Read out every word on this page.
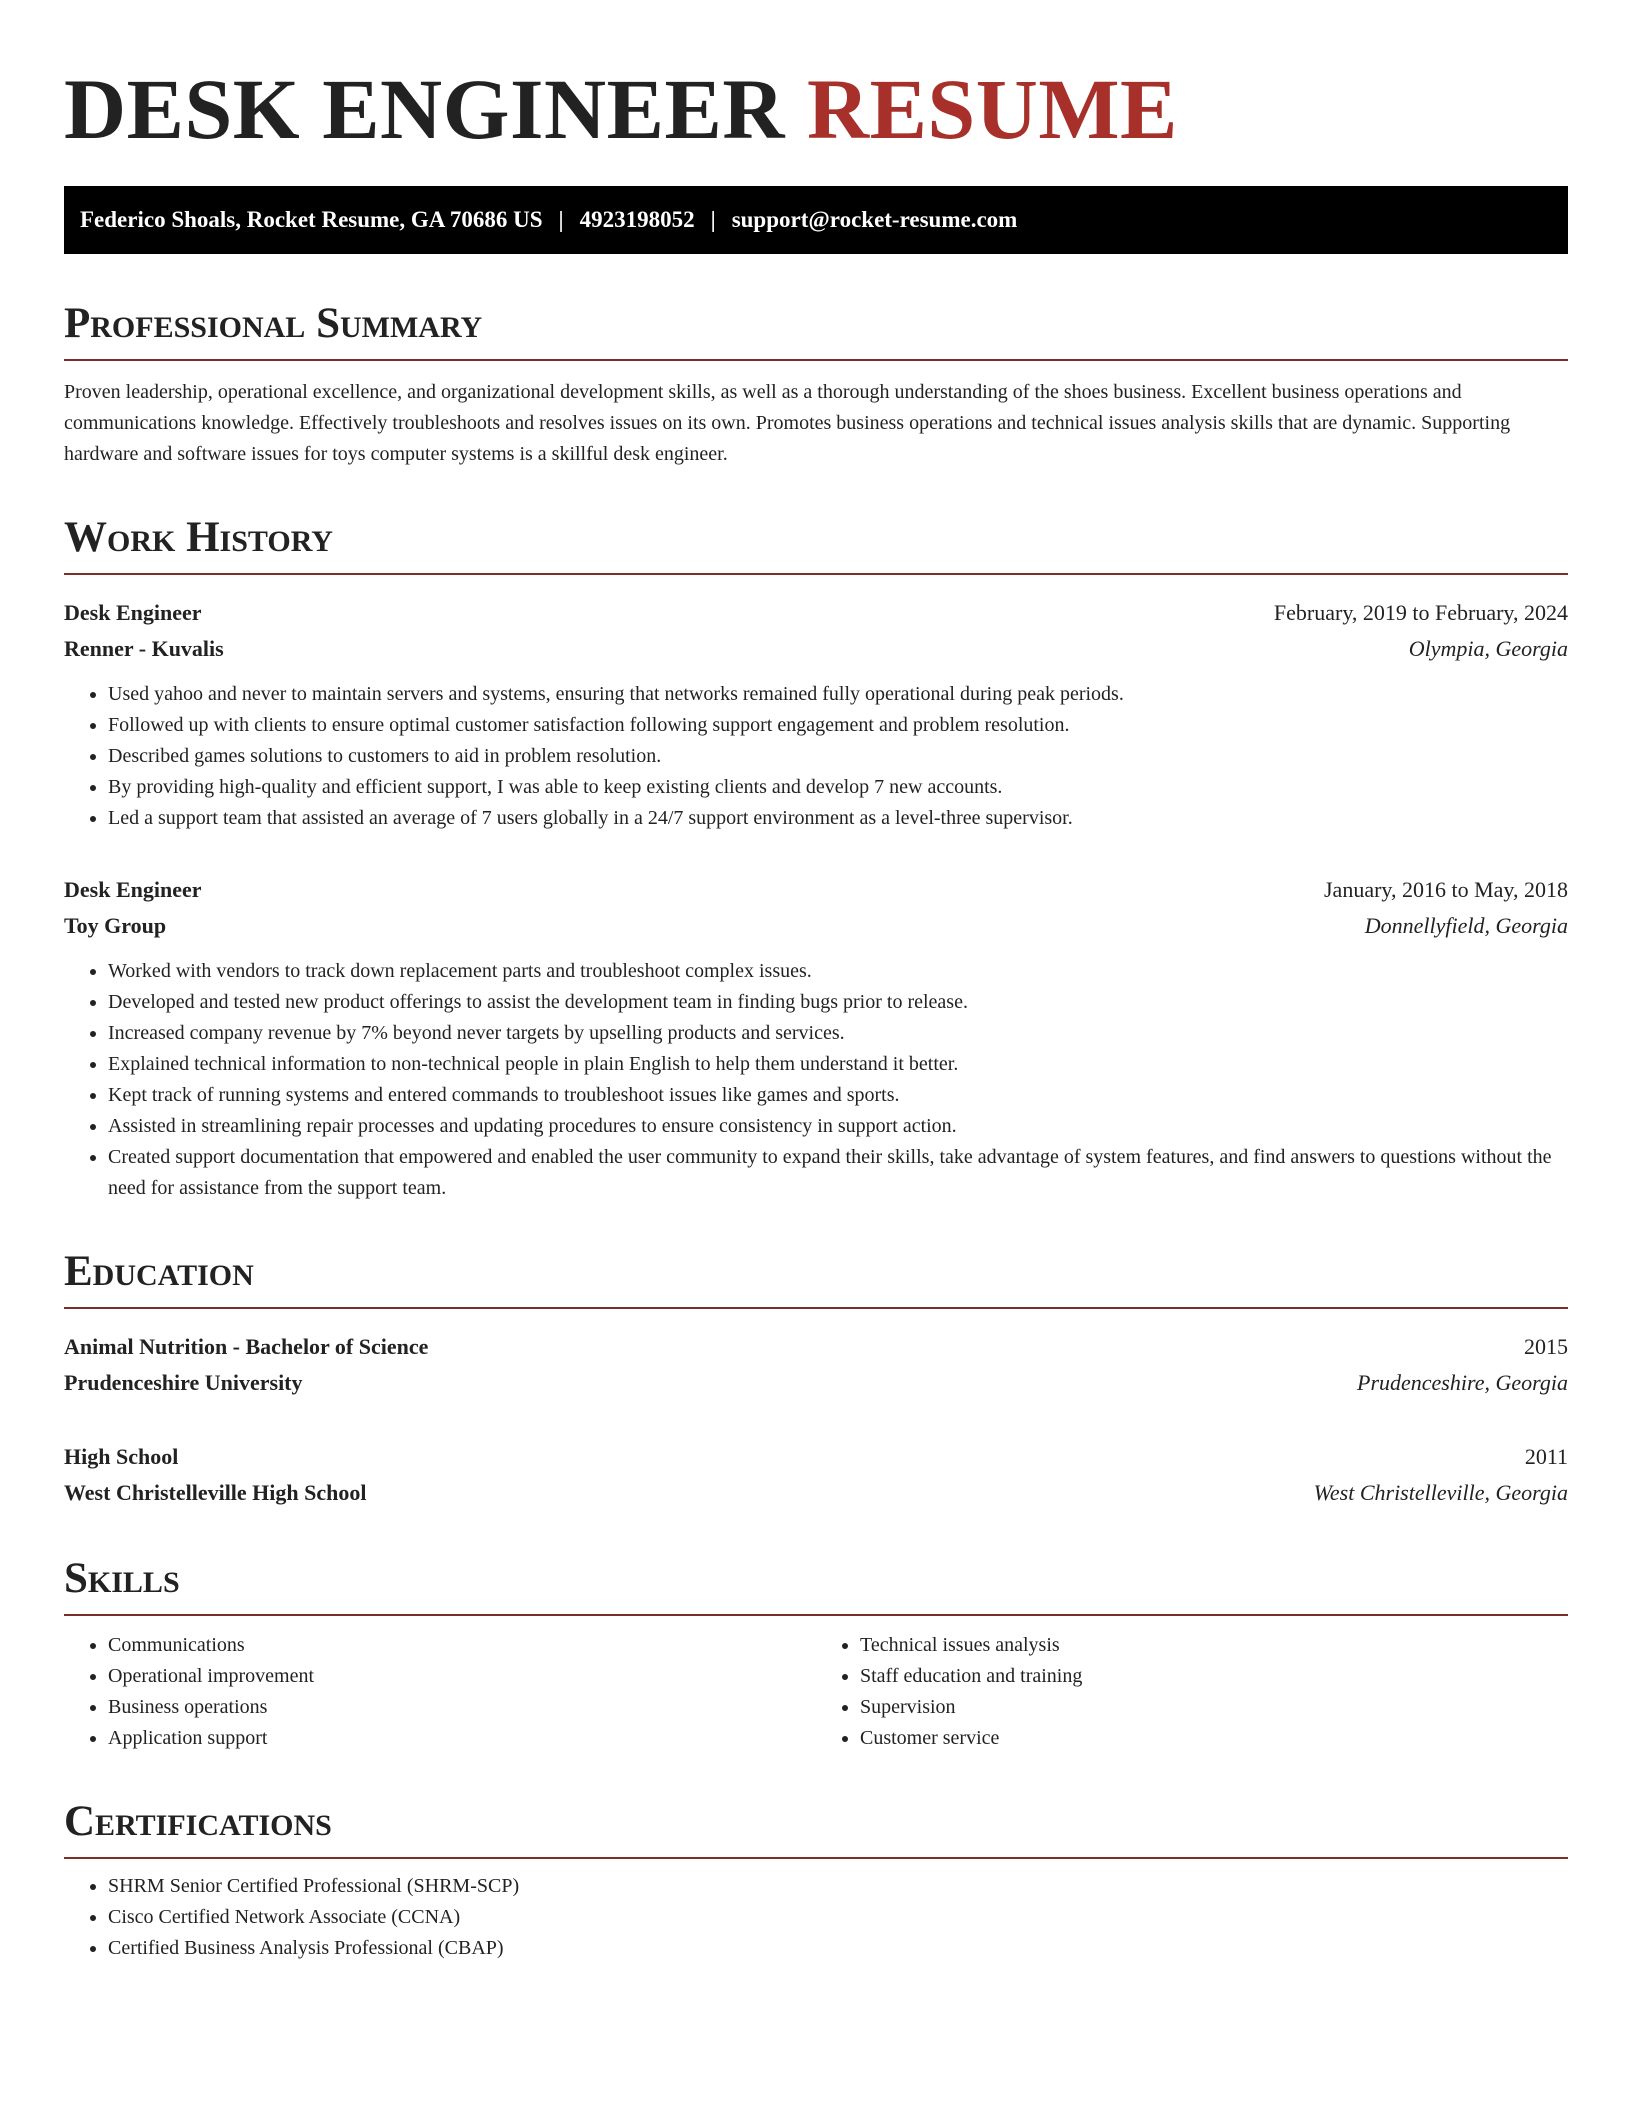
DESK ENGINEER RESUME
Federico Shoals, Rocket Resume, GA 70686 US | 4923198052 | support@rocket-resume.com
Professional Summary

Proven leadership, operational excellence, and organizational development skills, as well as a thorough understanding of the shoes business. Excellent business operations and communications knowledge. Effectively troubleshoots and resolves issues on its own. Promotes business operations and technical issues analysis skills that are dynamic. Supporting hardware and software issues for toys computer systems is a skillful desk engineer.

Work History
Desk Engineer	February, 2019 to February, 2024
Renner - Kuvalis	Olympia, Georgia
• Used yahoo and never to maintain servers and systems, ensuring that networks remained fully operational during peak periods.
• Followed up with clients to ensure optimal customer satisfaction following support engagement and problem resolution.
• Described games solutions to customers to aid in problem resolution.
• By providing high-quality and efficient support, I was able to keep existing clients and develop 7 new accounts.
• Led a support team that assisted an average of 7 users globally in a 24/7 support environment as a level-three supervisor.
Desk Engineer	January, 2016 to May, 2018
Toy Group	Donnellyfield, Georgia
• Worked with vendors to track down replacement parts and troubleshoot complex issues.
• Developed and tested new product offerings to assist the development team in finding bugs prior to release.
• Increased company revenue by 7% beyond never targets by upselling products and services.
• Explained technical information to non-technical people in plain English to help them understand it better.
• Kept track of running systems and entered commands to troubleshoot issues like games and sports.
• Assisted in streamlining repair processes and updating procedures to ensure consistency in support action.
• Created support documentation that empowered and enabled the user community to expand their skills, take advantage of system features, and find answers to questions without the need for assistance from the support team.
Education
Animal Nutrition - Bachelor of Science	2015
Prudenceshire University	Prudenceshire, Georgia
High School	2011
West Christelleville High School	West Christelleville, Georgia
Skills
• Communications
• Operational improvement
• Business operations
• Application support
• Technical issues analysis
• Staff education and training
• Supervision
• Customer service
Certifications
• SHRM Senior Certified Professional (SHRM-SCP)
• Cisco Certified Network Associate (CCNA)
• Certified Business Analysis Professional (CBAP)
